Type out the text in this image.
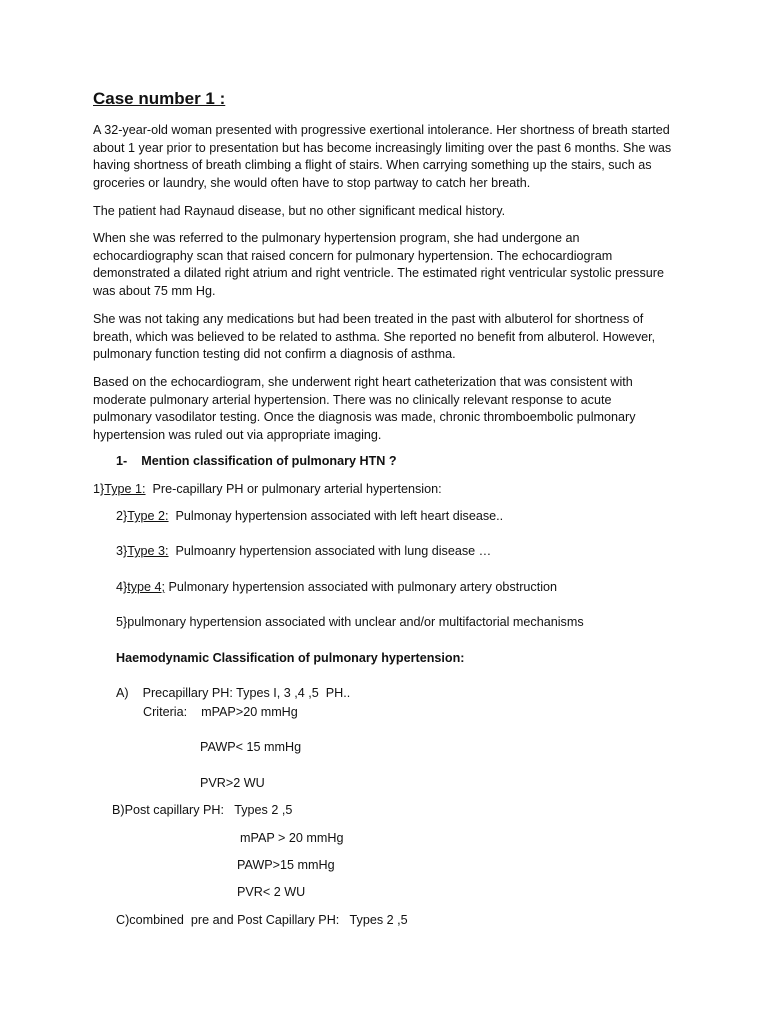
Case number 1 :

A 32-year-old woman presented with progressive exertional intolerance. Her shortness of breath started about 1 year prior to presentation but has become increasingly limiting over the past 6 months. She was having shortness of breath climbing a flight of stairs. When carrying something up the stairs, such as groceries or laundry, she would often have to stop partway to catch her breath.

The patient had Raynaud disease, but no other significant medical history.

When she was referred to the pulmonary hypertension program, she had undergone an echocardiography scan that raised concern for pulmonary hypertension. The echocardiogram demonstrated a dilated right atrium and right ventricle. The estimated right ventricular systolic pressure was about 75 mm Hg.

She was not taking any medications but had been treated in the past with albuterol for shortness of breath, which was believed to be related to asthma. She reported no benefit from albuterol. However, pulmonary function testing did not confirm a diagnosis of asthma.

Based on the echocardiogram, she underwent right heart catheterization that was consistent with moderate pulmonary arterial hypertension. There was no clinically relevant response to acute pulmonary vasodilator testing. Once the diagnosis was made, chronic thromboembolic pulmonary hypertension was ruled out via appropriate imaging.

1- Mention classification of pulmonary HTN ?
1}Type 1:  Pre-capillary PH or pulmonary arterial hypertension:
2}Type 2:  Pulmonay hypertension associated with left heart disease..
3}Type 3:  Pulmoanry hypertension associated with lung disease …
4}type 4; Pulmonary hypertension associated with pulmonary artery obstruction
5}pulmonary hypertension associated with unclear and/or multifactorial mechanisms
Haemodynamic Classification of pulmonary hypertension:
A)    Precapillary PH: Types I, 3 ,4 ,5  PH..
Criteria:    mPAP>20 mmHg
PAWP< 15 mmHg
PVR>2 WU
B)Post capillary PH:   Types 2 ,5
mPAP > 20 mmHg
PAWP>15 mmHg
PVR< 2 WU
C)combined  pre and Post Capillary PH:   Types 2 ,5
